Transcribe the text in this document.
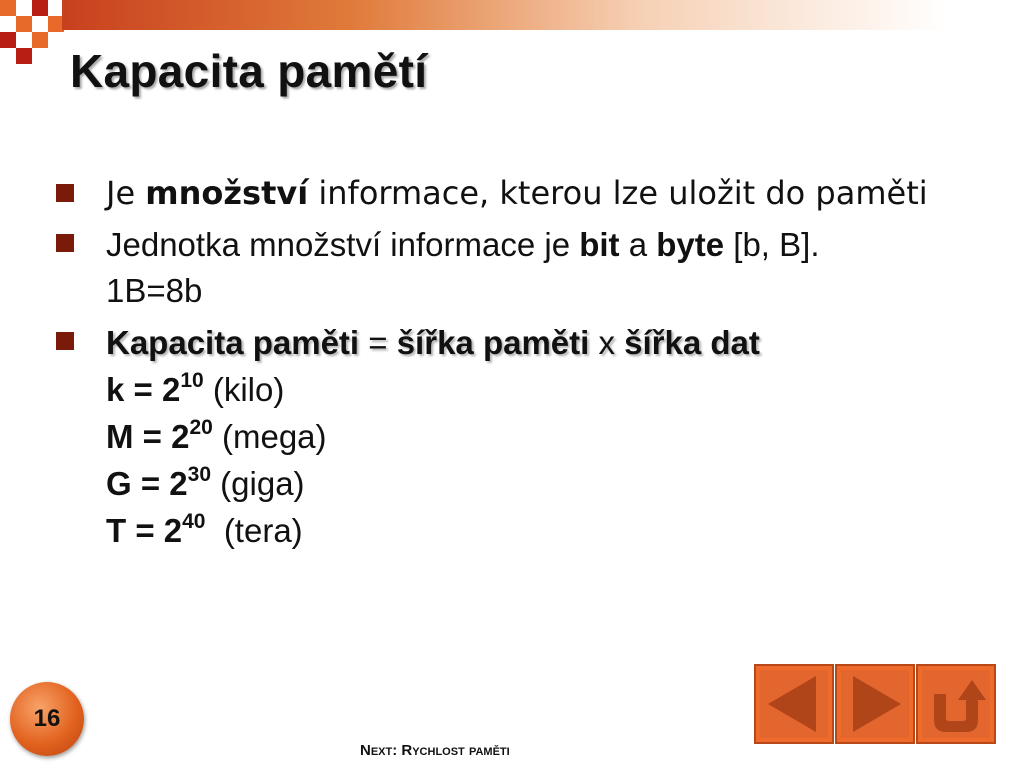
Kapacita pamětí
Je množství informace, kterou lze uložit do paměti
Jednotka množství informace je bit a byte [b, B].
1B=8b
Kapacita paměti = šířka paměti x šířka dat
$k = 2^{10}$ (kilo)
$M = 2^{20}$ (mega)
$G = 2^{30}$ (giga)
$T = 2^{40}$  (tera)
16
Next: Rychlost paměti
